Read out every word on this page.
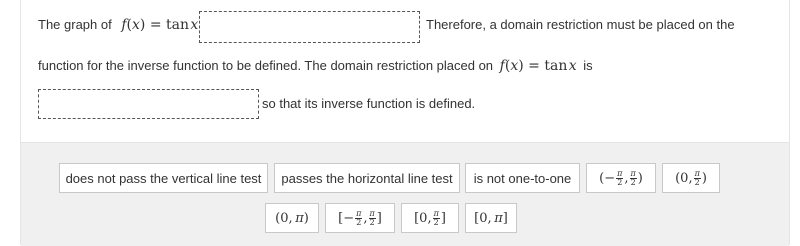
The graph of f(x) = tan x	Therefore, a domain restriction must be placed on the
function for the inverse function to be defined. The domain restriction placed on f(x) = tan x is
so that its inverse function is defined.
does not pass the vertical line test passes the horizontal line test is not one-to-one ( − $\frac{\pi}{2}$ , $\frac{\pi}{2}$ ) ( 0 , $\frac{\pi}{2}$ )
( 0 ,  π ) [ − $\frac{\pi}{2}$ , $\frac{\pi}{2}$ ] [ 0 , $\frac{\pi}{2}$ ] [ 0 ,  π ]
